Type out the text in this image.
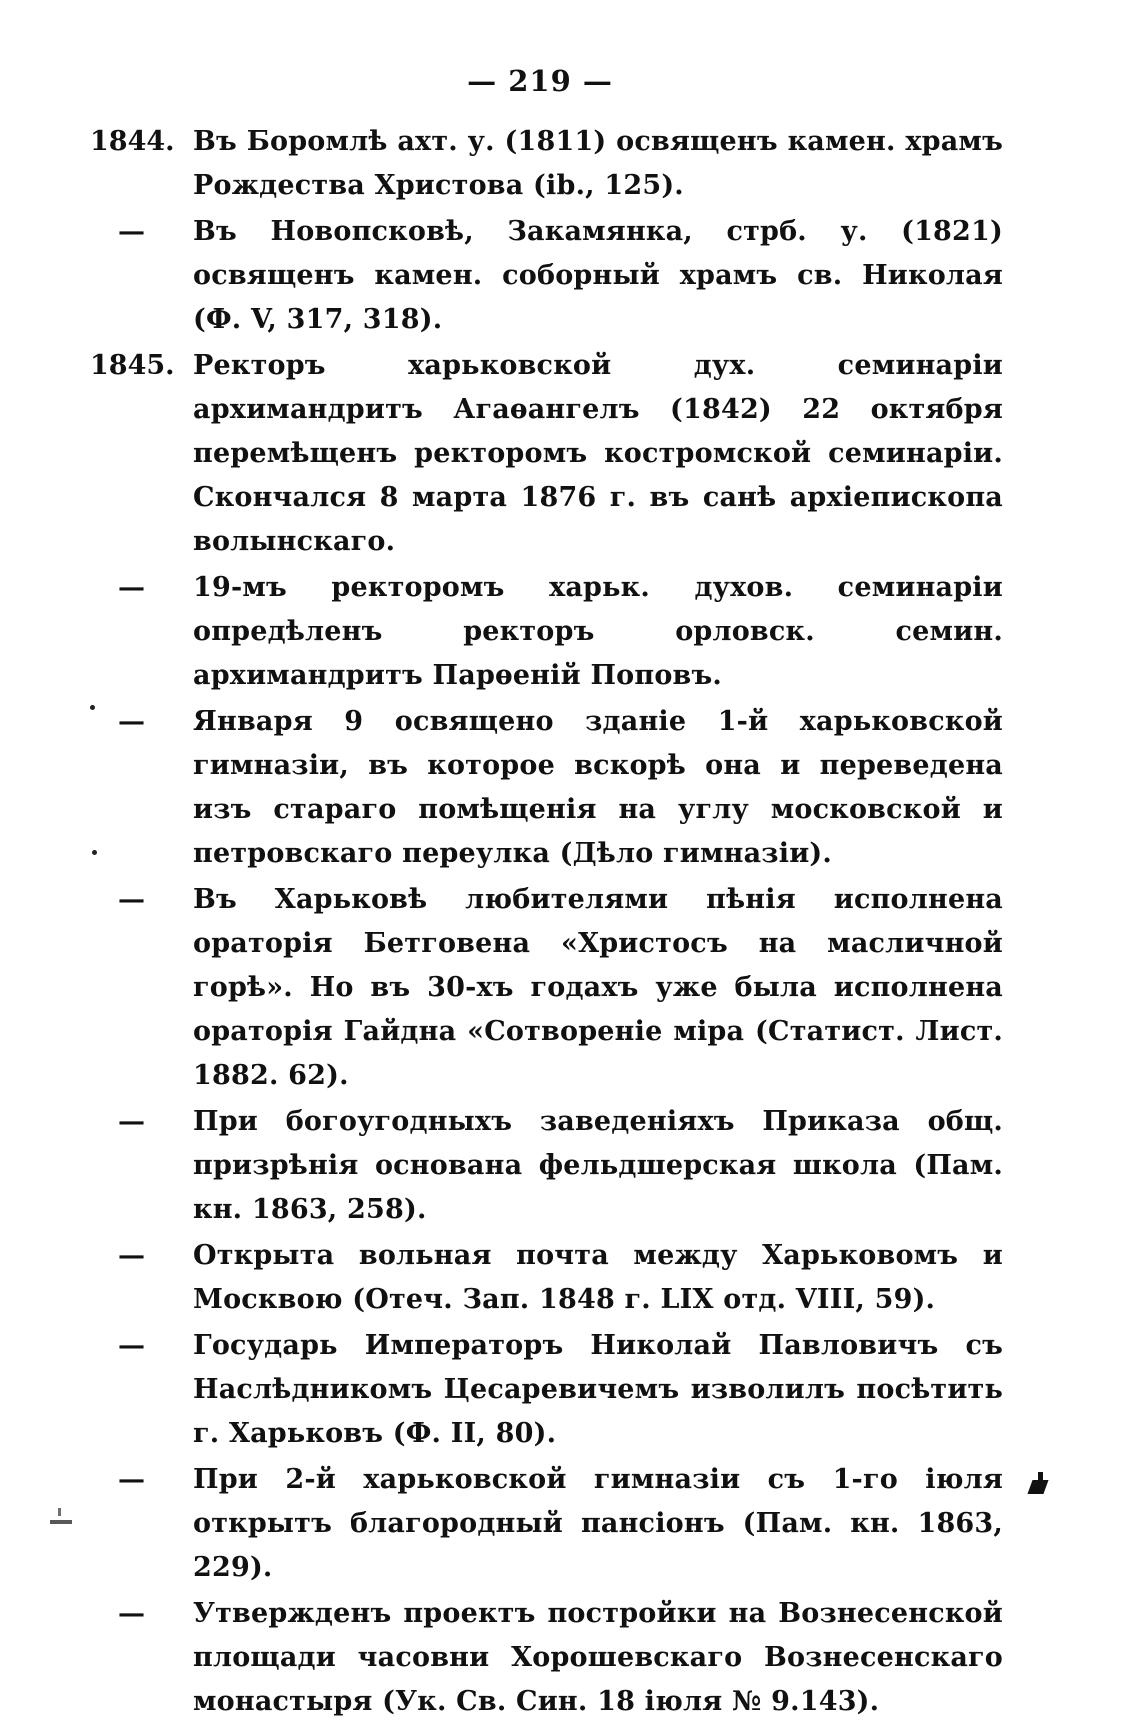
— 219 —
1844. Въ Боромлѣ ахт. у. (1811) освященъ камен. храмъ Рождества Христова (ib., 125).
—	Въ Новопсковѣ, Закамянка, стрб. у. (1821) освященъ камен. соборный храмъ св. Николая (Ф. V, 317, 318).
1845. Ректоръ харьковской дух. семинаріи архимандритъ Агаѳангелъ (1842) 22 октября перемѣщенъ ректоромъ костромской семинаріи. Скончался 8 марта 1876 г. въ санѣ архіепископа волынскаго.
—	19-мъ ректоромъ харьк. духов. семинаріи опредѣленъ ректоръ орловск. семин. архимандритъ Парѳеній Поповъ.
—	Января 9 освящено зданіе 1-й харьковской гимназіи, въ которое вскорѣ она и переведена изъ стараго помѣщенія на углу московской и петровскаго переулка (Дѣло гимназіи).
—	Въ Харьковѣ любителями пѣнія исполнена ораторія Бетговена «Христосъ на масличной горѣ». Но въ 30-хъ годахъ уже была исполнена ораторія Гайдна «Сотвореніе міра (Статист. Лист. 1882. 62).
—	При богоугодныхъ заведеніяхъ Приказа общ. призрѣнія основана фельдшерская школа (Пам. кн. 1863, 258).
—	Открыта вольная почта между Харьковомъ и Москвою (Отеч. Зап. 1848 г. LIX отд. VIII, 59).
—	Государь Императоръ Николай Павловичъ съ Наслѣдникомъ Цесаревичемъ изволилъ посѣтить г. Харьковъ (Ф. II, 80).
—	При 2-й харьковской гимназіи съ 1-го іюля открытъ благородный пансіонъ (Пам. кн. 1863, 229).
—	Утвержденъ проектъ постройки на Вознесенской площади часовни Хорошевскаго Вознесенскаго монастыря (Ук. Св. Син. 18 іюля № 9.143).
